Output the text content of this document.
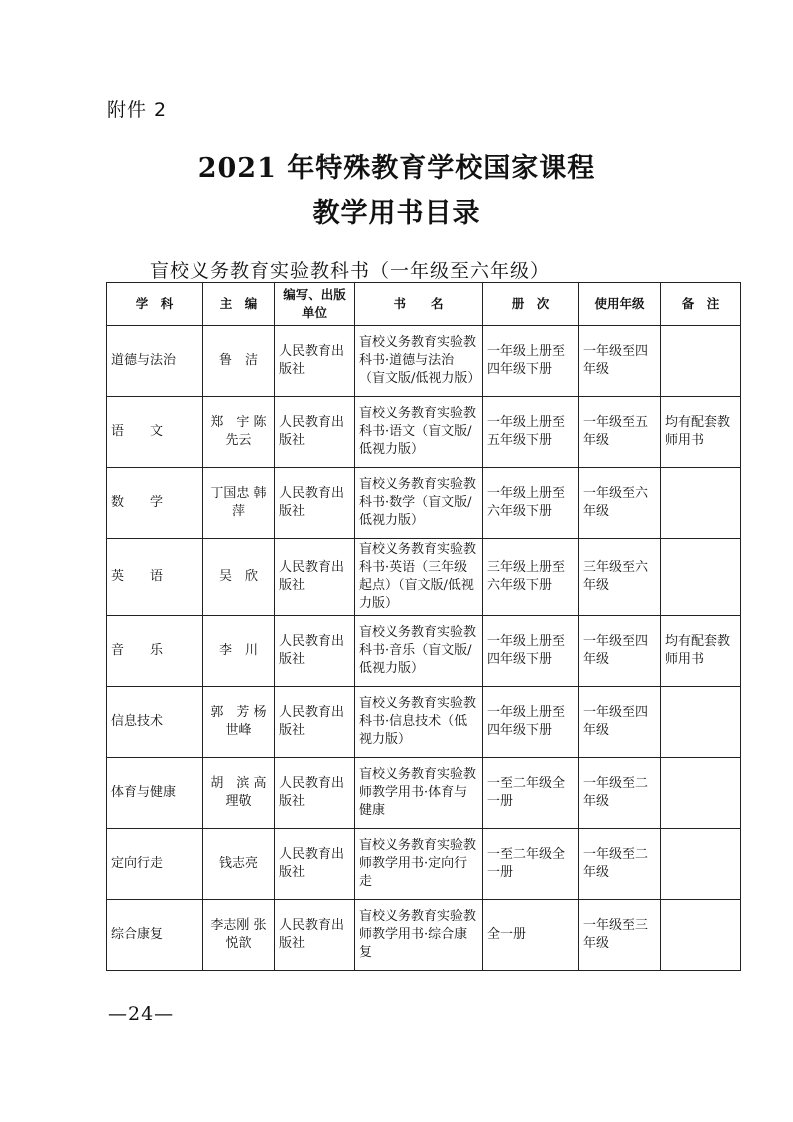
附件 2
2021 年特殊教育学校国家课程
教学用书目录
盲校义务教育实验教科书（一年级至六年级）
学　科	主　编	编写、出版单位	书　　名	册　次	使用年级	备　注
道德与法治	鲁　洁	人民教育出版社	盲校义务教育实验教科书·道德与法治（盲文版/低视力版）	一年级上册至四年级下册	一年级至四年级	
语　　文	郑　宇 陈先云	人民教育出版社	盲校义务教育实验教科书·语文（盲文版/低视力版）	一年级上册至五年级下册	一年级至五年级	均有配套教师用书
数　　学	丁国忠 韩　萍	人民教育出版社	盲校义务教育实验教科书·数学（盲文版/低视力版）	一年级上册至六年级下册	一年级至六年级	
英　　语	吴　欣	人民教育出版社	盲校义务教育实验教科书·英语（三年级起点）（盲文版/低视力版）	三年级上册至六年级下册	三年级至六年级	
音　　乐	李　川	人民教育出版社	盲校义务教育实验教科书·音乐（盲文版/低视力版）	一年级上册至四年级下册	一年级至四年级	均有配套教师用书
信息技术	郭　芳 杨世峰	人民教育出版社	盲校义务教育实验教科书·信息技术（低视力版）	一年级上册至四年级下册	一年级至四年级	
体育与健康	胡　滨 高理敬	人民教育出版社	盲校义务教育实验教师教学用书·体育与健康	一至二年级全一册	一年级至二年级	
定向行走	钱志亮	人民教育出版社	盲校义务教育实验教师教学用书·定向行走	一至二年级全一册	一年级至二年级	
综合康复	李志刚 张悦歆	人民教育出版社	盲校义务教育实验教师教学用书·综合康复	全一册	一年级至三年级	
—24—
